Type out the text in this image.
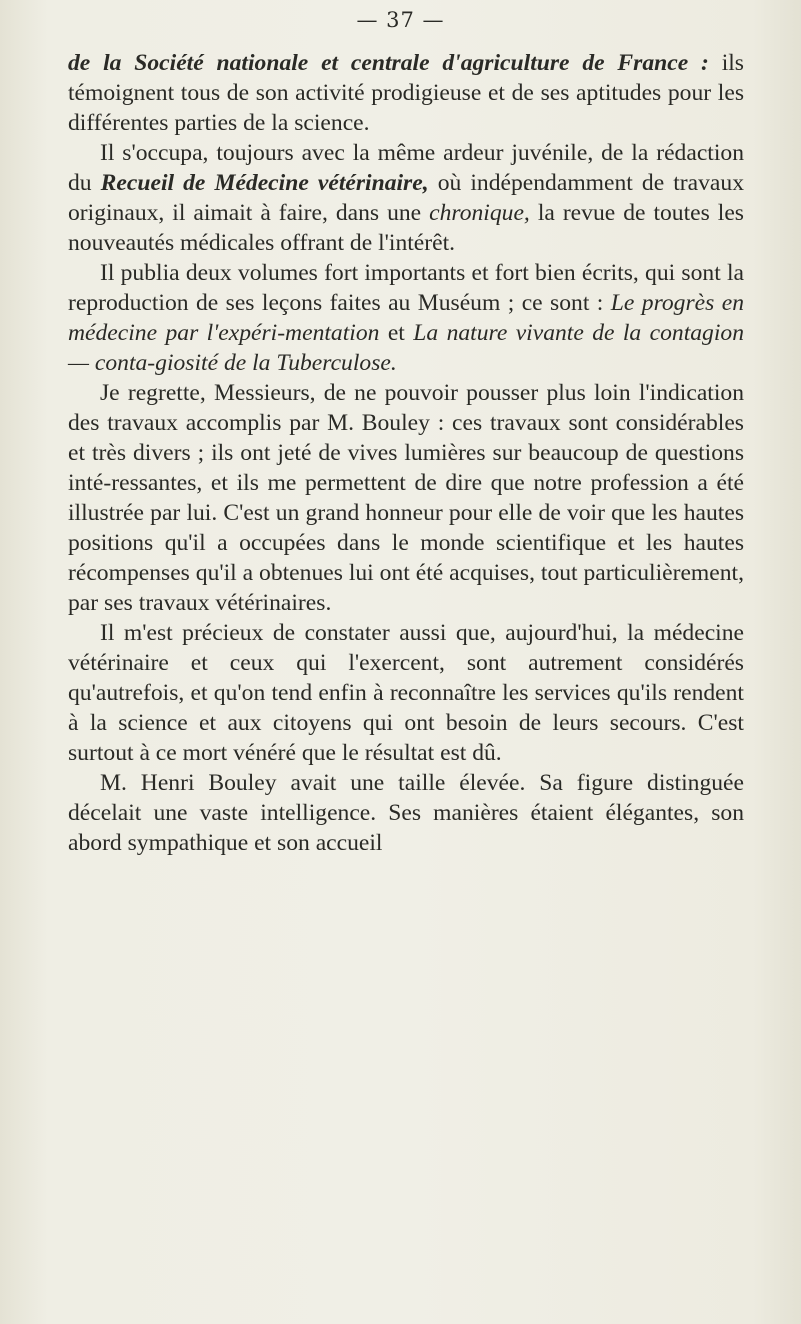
— 37 —

de la Société nationale et centrale d'agriculture de France : ils témoignent tous de son activité prodigieuse et de ses aptitudes pour les différentes parties de la science.

Il s'occupa, toujours avec la même ardeur juvénile, de la rédaction du Recueil de Médecine vétérinaire, où indépendamment de travaux originaux, il aimait à faire, dans une chronique, la revue de toutes les nouveautés médicales offrant de l'intérêt.

Il publia deux volumes fort importants et fort bien écrits, qui sont la reproduction de ses leçons faites au Muséum ; ce sont : Le progrès en médecine par l'expéri-mentation et La nature vivante de la contagion — conta-giosité de la Tuberculose.

Je regrette, Messieurs, de ne pouvoir pousser plus loin l'indication des travaux accomplis par M. Bouley : ces travaux sont considérables et très divers ; ils ont jeté de vives lumières sur beaucoup de questions inté-ressantes, et ils me permettent de dire que notre profession a été illustrée par lui. C'est un grand honneur pour elle de voir que les hautes positions qu'il a occupées dans le monde scientifique et les hautes récompenses qu'il a obtenues lui ont été acquises, tout particulièrement, par ses travaux vétérinaires.

Il m'est précieux de constater aussi que, aujourd'hui, la médecine vétérinaire et ceux qui l'exercent, sont autrement considérés qu'autrefois, et qu'on tend enfin à reconnaître les services qu'ils rendent à la science et aux citoyens qui ont besoin de leurs secours. C'est surtout à ce mort vénéré que le résultat est dû.

M. Henri Bouley avait une taille élevée. Sa figure distinguée décelait une vaste intelligence. Ses manières étaient élégantes, son abord sympathique et son accueil
